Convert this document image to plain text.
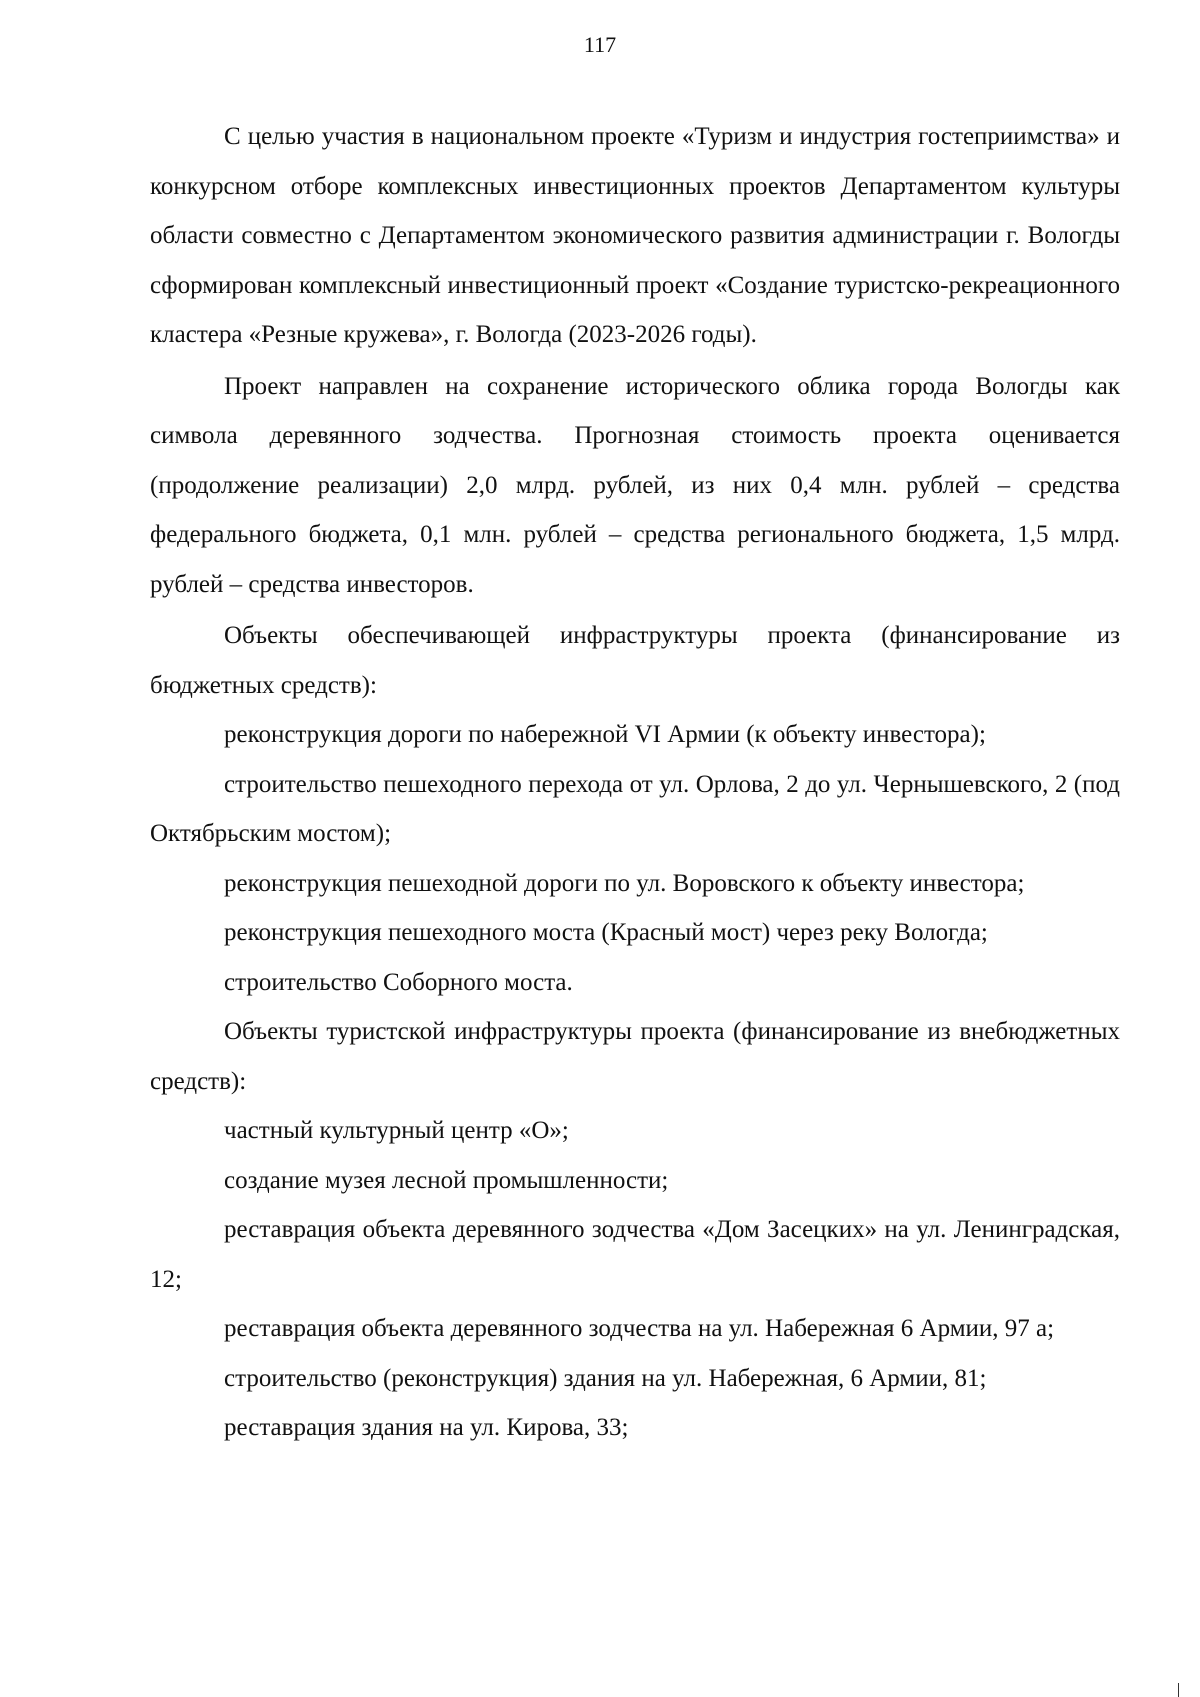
117

С целью участия в национальном проекте «Туризм и индустрия гостеприимства» и конкурсном отборе комплексных инвестиционных проектов Департаментом культуры области совместно с Департаментом экономического развития администрации г. Вологды сформирован комплексный инвестиционный проект «Создание туристско-рекреационного кластера «Резные кружева», г. Вологда (2023-2026 годы).

Проект направлен на сохранение исторического облика города Вологды как символа деревянного зодчества. Прогнозная стоимость проекта оценивается (продолжение реализации) 2,0 млрд. рублей, из них 0,4 млн. рублей – средства федерального бюджета, 0,1 млн. рублей – средства регионального бюджета, 1,5 млрд. рублей – средства инвесторов.

Объекты обеспечивающей инфраструктуры проекта (финансирование из бюджетных средств):

реконструкция дороги по набережной VI Армии (к объекту инвестора);

строительство пешеходного перехода от ул. Орлова, 2 до ул. Чернышевского, 2 (под Октябрьским мостом);

реконструкция пешеходной дороги по ул. Воровского к объекту инвестора;

реконструкция пешеходного моста (Красный мост) через реку Вологда;

строительство Соборного моста.

Объекты туристской инфраструктуры проекта (финансирование из внебюджетных средств):

частный культурный центр «О»;

создание музея лесной промышленности;

реставрация объекта деревянного зодчества «Дом Засецких» на ул. Ленинградская, 12;

реставрация объекта деревянного зодчества на ул. Набережная 6 Армии, 97 а;

строительство (реконструкция) здания на ул. Набережная, 6 Армии, 81;

реставрация здания на ул. Кирова, 33;
